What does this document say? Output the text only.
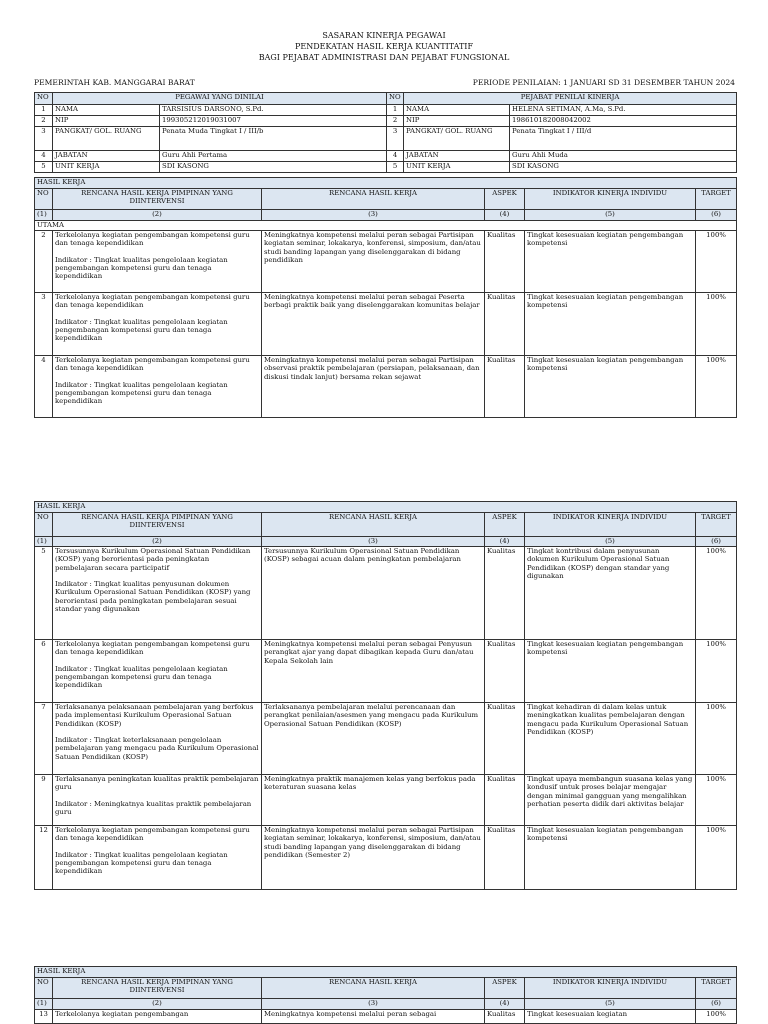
SASARAN KINERJA PEGAWAI
PENDEKATAN HASIL KERJA KUANTITATIF
BAGI PEJABAT ADMINISTRASI DAN PEJABAT FUNGSIONAL
PEMERINTAH KAB. MANGGARAI BARAT	PERIODE PENILAIAN: 1 JANUARI SD 31 DESEMBER TAHUN 2024
NO	PEGAWAI YANG DINILAI		NO	PEJABAT PENILAI KINERJA	
1	NAMA	TARSISIUS DARSONO, S.Pd.	1	NAMA	HELENA SETIMAN, A.Ma, S.Pd.
2	NIP	199305212019031007	2	NIP	198610182008042002
3	PANGKAT/ GOL. RUANG	Penata Muda Tingkat I / III/b	3	PANGKAT/ GOL. RUANG	Penata Tingkat I / III/d
4	JABATAN	Guru Ahli Pertama	4	JABATAN	Guru Ahli Muda
5	UNIT KERJA	SDI KASONG	5	UNIT KERJA	SDI KASONG
HASIL KERJA					
NO	RENCANA HASIL KERJA PIMPINAN YANG DIINTERVENSI	RENCANA HASIL KERJA	ASPEK	INDIKATOR KINERJA INDIVIDU	TARGET
(1)	(2)	(3)	(4)	(5)	(6)
UTAMA					
2	Terkelolanya kegiatan pengembangan kompetensi guru dan tenaga kependidikan

Indikator : Tingkat kualitas pengelolaan kegiatan pengembangan kompetensi guru dan tenaga kependidikan	Meningkatnya kompetensi melalui peran sebagai Partisipan kegiatan seminar, lokakarya, konferensi, simposium, dan/atau studi banding lapangan yang diselenggarakan di bidang pendidikan	Kualitas	Tingkat kesesuaian kegiatan pengembangan kompetensi	100%
3	Terkelolanya kegiatan pengembangan kompetensi guru dan tenaga kependidikan

Indikator : Tingkat kualitas pengelolaan kegiatan pengembangan kompetensi guru dan tenaga kependidikan	Meningkatnya kompetensi melalui peran sebagai Peserta berbagi praktik baik yang diselenggarakan komunitas belajar	Kualitas	Tingkat kesesuaian kegiatan pengembangan kompetensi	100%
4	Terkelolanya kegiatan pengembangan kompetensi guru dan tenaga kependidikan

Indikator : Tingkat kualitas pengelolaan kegiatan pengembangan kompetensi guru dan tenaga kependidikan	Meningkatnya kompetensi melalui peran sebagai Partisipan observasi praktik pembelajaran (persiapan, pelaksanaan, dan diskusi tindak lanjut) bersama rekan sejawat	Kualitas	Tingkat kesesuaian kegiatan pengembangan kompetensi	100%
HASIL KERJA					
NO	RENCANA HASIL KERJA PIMPINAN YANG DIINTERVENSI	RENCANA HASIL KERJA	ASPEK	INDIKATOR KINERJA INDIVIDU	TARGET
(1)	(2)	(3)	(4)	(5)	(6)
5	Tersusunnya Kurikulum Operasional Satuan Pendidikan (KOSP) yang berorientasi pada peningkatan pembelajaran secara participatif

Indikator : Tingkat kualitas penyusunan dokumen Kurikulum Operasional Satuan Pendidikan (KOSP) yang berorientasi pada peningkatan pembelajaran sesuai standar yang digunakan	Tersusunnya Kurikulum Operasional Satuan Pendidikan (KOSP) sebagai acuan dalam peningkatan pembelajaran	Kualitas	Tingkat kontribusi dalam penyusunan dokumen Kurikulum Operasional Satuan Pendidikan (KOSP) dengan standar yang digunakan	100%
6	Terkelolanya kegiatan pengembangan kompetensi guru dan tenaga kependidikan

Indikator : Tingkat kualitas pengelolaan kegiatan pengembangan kompetensi guru dan tenaga kependidikan	Meningkatnya kompetensi melalui peran sebagai Penyusun perangkat ajar yang dapat dibagikan kepada Guru dan/atau Kepala Sekolah lain	Kualitas	Tingkat kesesuaian kegiatan pengembangan kompetensi	100%
7	Terlaksananya pelaksanaan pembelajaran yang berfokus pada implementasi Kurikulum Operasional Satuan Pendidikan (KOSP)

Indikator : Tingkat keterlaksanaan pengelolaan pembelajaran yang mengacu pada Kurikulum Operasional Satuan Pendidikan (KOSP)	Terlaksananya pembelajaran melalui perencanaan dan perangkat penilaian/asesmen yang mengacu pada Kurikulum Operasional Satuan Pendidikan (KOSP)	Kualitas	Tingkat kehadiran di dalam kelas untuk meningkatkan kualitas pembelajaran dengan mengacu pada Kurikulum Operasional Satuan Pendidikan (KOSP)	100%
9	Terlaksananya peningkatan kualitas praktik pembelajaran guru

Indikator : Meningkatnya kualitas praktik pembelajaran guru	Meningkatnya praktik manajemen kelas yang berfokus pada keteraturan suasana kelas	Kualitas	Tingkat upaya membangun suasana kelas yang kondusif untuk proses belajar mengajar dengan minimal gangguan yang mengalihkan perhatian peserta didik dari aktivitas belajar	100%
12	Terkelolanya kegiatan pengembangan kompetensi guru dan tenaga kependidikan

Indikator : Tingkat kualitas pengelolaan kegiatan pengembangan kompetensi guru dan tenaga kependidikan	Meningkatnya kompetensi melalui peran sebagai Partisipan kegiatan seminar, lokakarya, konferensi, simposium, dan/atau studi banding lapangan yang diselenggarakan di bidang pendidikan (Semester 2)	Kualitas	Tingkat kesesuaian kegiatan pengembangan kompetensi	100%
HASIL KERJA					
NO	RENCANA HASIL KERJA PIMPINAN YANG DIINTERVENSI	RENCANA HASIL KERJA	ASPEK	INDIKATOR KINERJA INDIVIDU	TARGET
(1)	(2)	(3)	(4)	(5)	(6)
13	Terkelolanya kegiatan pengembangan	Meningkatnya kompetensi melalui peran sebagai	Kualitas	Tingkat kesesuaian kegiatan	100%
